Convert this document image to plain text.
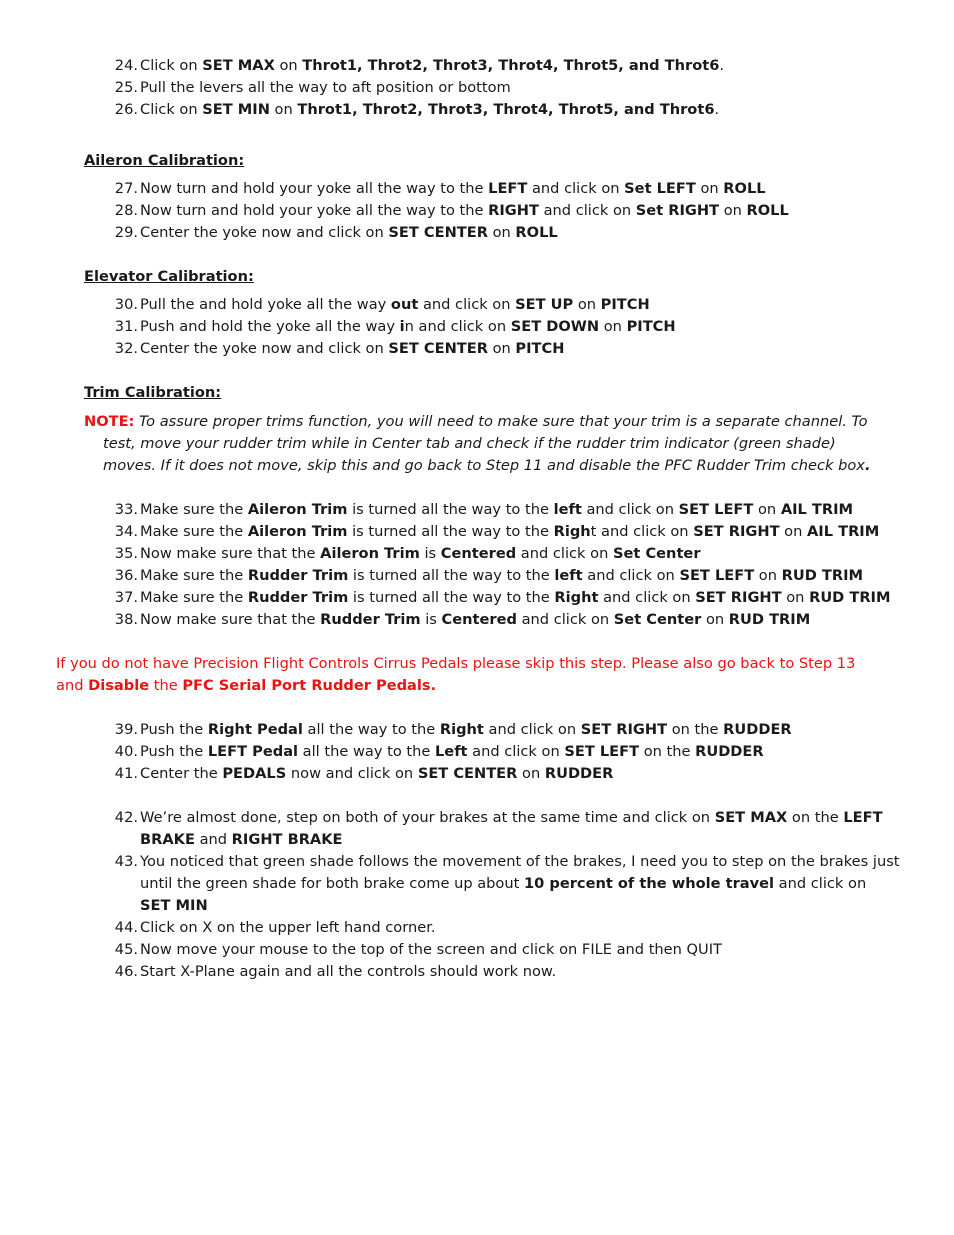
24. Click on SET MAX on Throt1, Throt2, Throt3, Throt4, Throt5, and Throt6.
25. Pull the levers all the way to aft position or bottom
26. Click on SET MIN on Throt1, Throt2, Throt3, Throt4, Throt5, and Throt6.
Aileron Calibration:
27. Now turn and hold your yoke all the way to the LEFT and click on Set LEFT on ROLL
28. Now turn and hold your yoke all the way to the RIGHT and click on Set RIGHT on ROLL
29. Center the yoke now and click on SET CENTER on ROLL
Elevator Calibration:
30. Pull the and hold yoke all the way out and click on SET UP on PITCH
31. Push and hold the yoke all the way in and click on SET DOWN on PITCH
32. Center the yoke now and click on SET CENTER on PITCH
Trim Calibration:
NOTE: To assure proper trims function, you will need to make sure that your trim is a separate channel. To
test, move your rudder trim while in Center tab and check if the rudder trim indicator (green shade)
moves. If it does not move, skip this and go back to Step 11 and disable the PFC Rudder Trim check box.
33. Make sure the Aileron Trim is turned all the way to the left and click on SET LEFT on AIL TRIM
34. Make sure the Aileron Trim is turned all the way to the Right and click on SET RIGHT on AIL TRIM
35. Now make sure that the Aileron Trim is Centered and click on Set Center
36. Make sure the Rudder Trim is turned all the way to the left and click on SET LEFT on RUD TRIM
37. Make sure the Rudder Trim is turned all the way to the Right and click on SET RIGHT on RUD TRIM
38. Now make sure that the Rudder Trim is Centered and click on Set Center on RUD TRIM
If you do not have Precision Flight Controls Cirrus Pedals please skip this step. Please also go back to Step 13
and Disable the PFC Serial Port Rudder Pedals.
39. Push the Right Pedal all the way to the Right and click on SET RIGHT on the RUDDER
40. Push the LEFT Pedal all the way to the Left and click on SET LEFT on the RUDDER
41. Center the PEDALS now and click on SET CENTER on RUDDER
42. We’re almost done, step on both of your brakes at the same time and click on SET MAX on the LEFT BRAKE and RIGHT BRAKE
43. You noticed that green shade follows the movement of the brakes, I need you to step on the brakes just until the green shade for both brake come up about 10 percent of the whole travel and click on SET MIN
44. Click on X on the upper left hand corner.
45. Now move your mouse to the top of the screen and click on FILE and then QUIT
46. Start X-Plane again and all the controls should work now.
